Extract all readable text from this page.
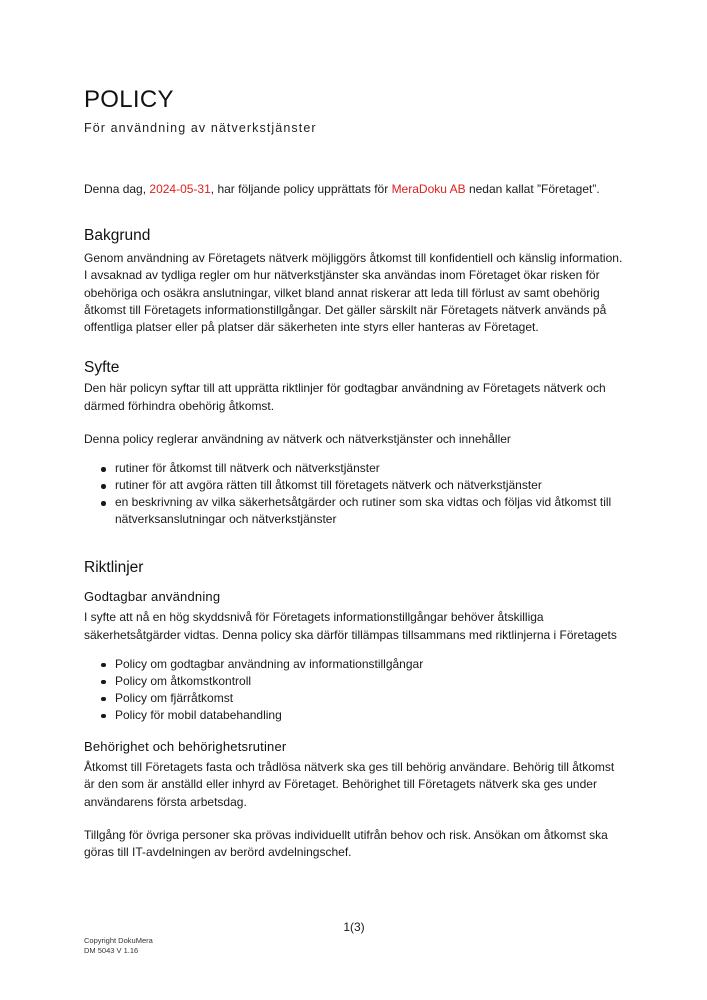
POLICY
För användning av nätverkstjänster

Denna dag, 2024-05-31, har följande policy upprättats för MeraDoku AB nedan kallat ”Företaget”.

Bakgrund

Genom användning av Företagets nätverk möjliggörs åtkomst till konfidentiell och känslig information. I avsaknad av tydliga regler om hur nätverkstjänster ska användas inom Företaget ökar risken för obehöriga och osäkra anslutningar, vilket bland annat riskerar att leda till förlust av samt obehörig åtkomst till Företagets informationstillgångar. Det gäller särskilt när Företagets nätverk används på offentliga platser eller på platser där säkerheten inte styrs eller hanteras av Företaget.

Syfte

Den här policyn syftar till att upprätta riktlinjer för godtagbar användning av Företagets nätverk och därmed förhindra obehörig åtkomst.

Denna policy reglerar användning av nätverk och nätverkstjänster och innehåller

rutiner för åtkomst till nätverk och nätverkstjänster
rutiner för att avgöra rätten till åtkomst till företagets nätverk och nätverkstjänster
en beskrivning av vilka säkerhetsåtgärder och rutiner som ska vidtas och följas vid åtkomst till nätverksanslutningar och nätverkstjänster
Riktlinjer
Godtagbar användning

I syfte att nå en hög skyddsnivå för Företagets informationstillgångar behöver åtskilliga säkerhetsåtgärder vidtas. Denna policy ska därför tillämpas tillsammans med riktlinjerna i Företagets

Policy om godtagbar användning av informationstillgångar
Policy om åtkomstkontroll
Policy om fjärråtkomst
Policy för mobil databehandling
Behörighet och behörighetsrutiner

Åtkomst till Företagets fasta och trådlösa nätverk ska ges till behörig användare. Behörig till åtkomst är den som är anställd eller inhyrd av Företaget. Behörighet till Företagets nätverk ska ges under användarens första arbetsdag.

Tillgång för övriga personer ska prövas individuellt utifrån behov och risk. Ansökan om åtkomst ska göras till IT-avdelningen av berörd avdelningschef.

1(3)
Copyright DokuMera
DM 5043 V 1.16
